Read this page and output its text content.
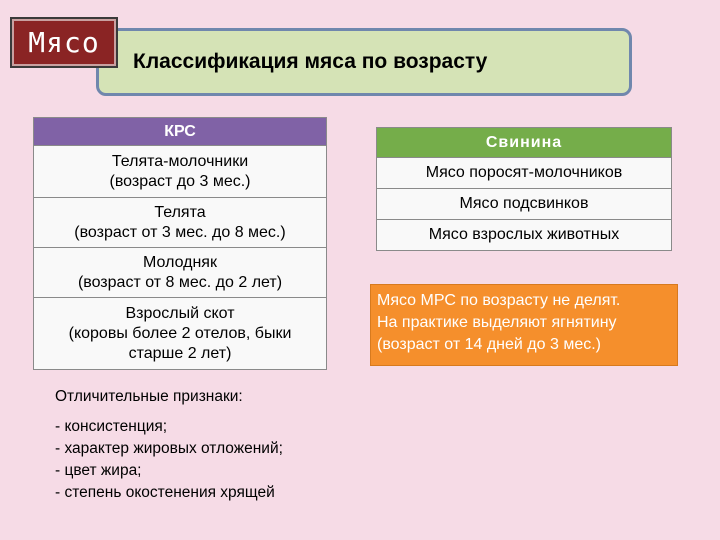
Мясо
Классификация мяса по возрасту
КРС
Телята-молочники
(возраст до 3 мес.)
Телята
(возраст от 3 мес. до 8 мес.)
Молодняк
(возраст от 8 мес. до 2 лет)
Взрослый скот
(коровы более 2 отелов, быки
старше 2 лет)
Свинина
Мясо поросят-молочников
Мясо подсвинков
Мясо взрослых животных
Мясо МРС по возрасту не делят.
На практике выделяют ягнятину
(возраст от 14 дней до 3 мес.)
Отличительные признаки:
- консистенция;
- характер жировых отложений;
- цвет жира;
- степень окостенения хрящей
